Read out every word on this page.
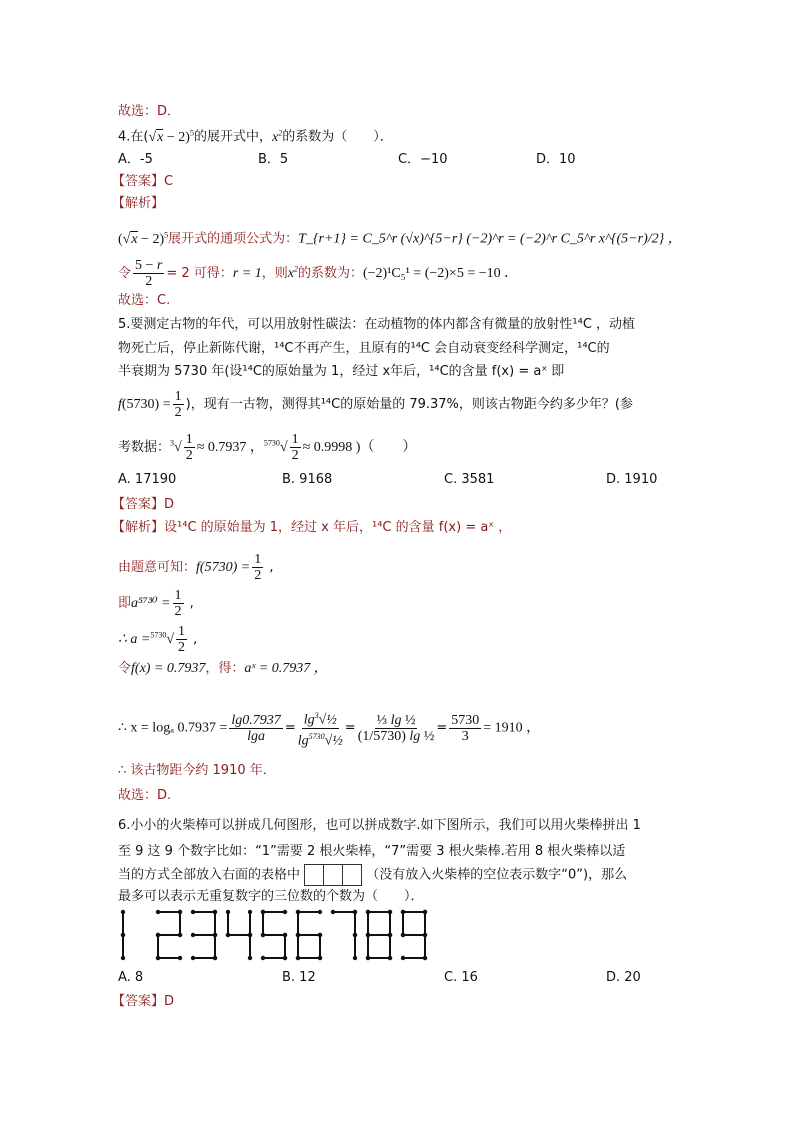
故选：D．
4.在$(√x - 2)^5$的展开式中，$x^2$的系数为（　　）．
A．-5	B．5	C．−10	D．10
【答案】C
【解析】
$(√x - 2)^5$展开式的通项公式为：T_{r+1} = C_5^r (√x)^{5−r} (−2)^r = (−2)^r C_5^r x^{(5−r)/2} ，
令 $\frac{5 - r}{2} = 2$ 可得：r = 1，则$x^2$的系数为：(−2)¹C₅¹ = (−2)×5 = −10 ．
故选：C.
5.要测定古物的年代，可以用放射性碳法：在动植物的体内都含有微量的放射性¹⁴C ，动植
物死亡后，停止新陈代谢，¹⁴C不再产生，且原有的¹⁴C 会自动衰变经科学测定，¹⁴C的
半衰期为 5730 年(设¹⁴C的原始量为 1，经过 x年后，¹⁴C的含量 f(x) = aˣ 即
$f(5730) = \frac{1}{2}$ )，现有一古物，测得其¹⁴C的原始量的 79.37%，则该古物距今约多少年？(参
考数据：$^3√ \frac{1}{2} \approx 0.7937$ ，$^{5730}√ \frac{1}{2} \approx 0.9998$ )（　　）
A. 17190	B. 9168	C. 3581	D. 1910
【答案】D
【解析】设¹⁴C 的原始量为 1，经过 x 年后，¹⁴C 的含量 f(x) = aˣ ，
由题意可知：$f(5730) = \frac{1}{2}$ ,
即$a^{5730} = \frac{1}{2}$ ,
∴ $a =^{5730}√ \frac{1}{2}$ ,
令f(x) = 0.7937，得：aˣ = 0.7937 ，
∴ x = logₐ $0.7937 = \frac{\lg 0.7937}{\lg a} = \frac{\lg^3√\frac{1}{2}}{\lg^{5730}√\frac{1}{2}} = \frac{\text{⅓ lg ½}}{\text{(1/5730) lg ½}} = \frac{5730}{3} = 1910$ ，
∴ 该古物距今约 1910 年．
故选：D.
6.小小的火柴棒可以拼成几何图形，也可以拼成数字.如下图所示，我们可以用火柴棒拼出 1
至 9 这 9 个数字比如：“1”需要 2 根火柴棒，“7”需要 3 根火柴棒.若用 8 根火柴棒以适
当的方式全部放入右面的表格中	（没有放入火柴棒的空位表示数字“0”)，那么
最多可以表示无重复数字的三位数的个数为（　　）．
A. 8	B. 12	C. 16	D. 20
【答案】D
